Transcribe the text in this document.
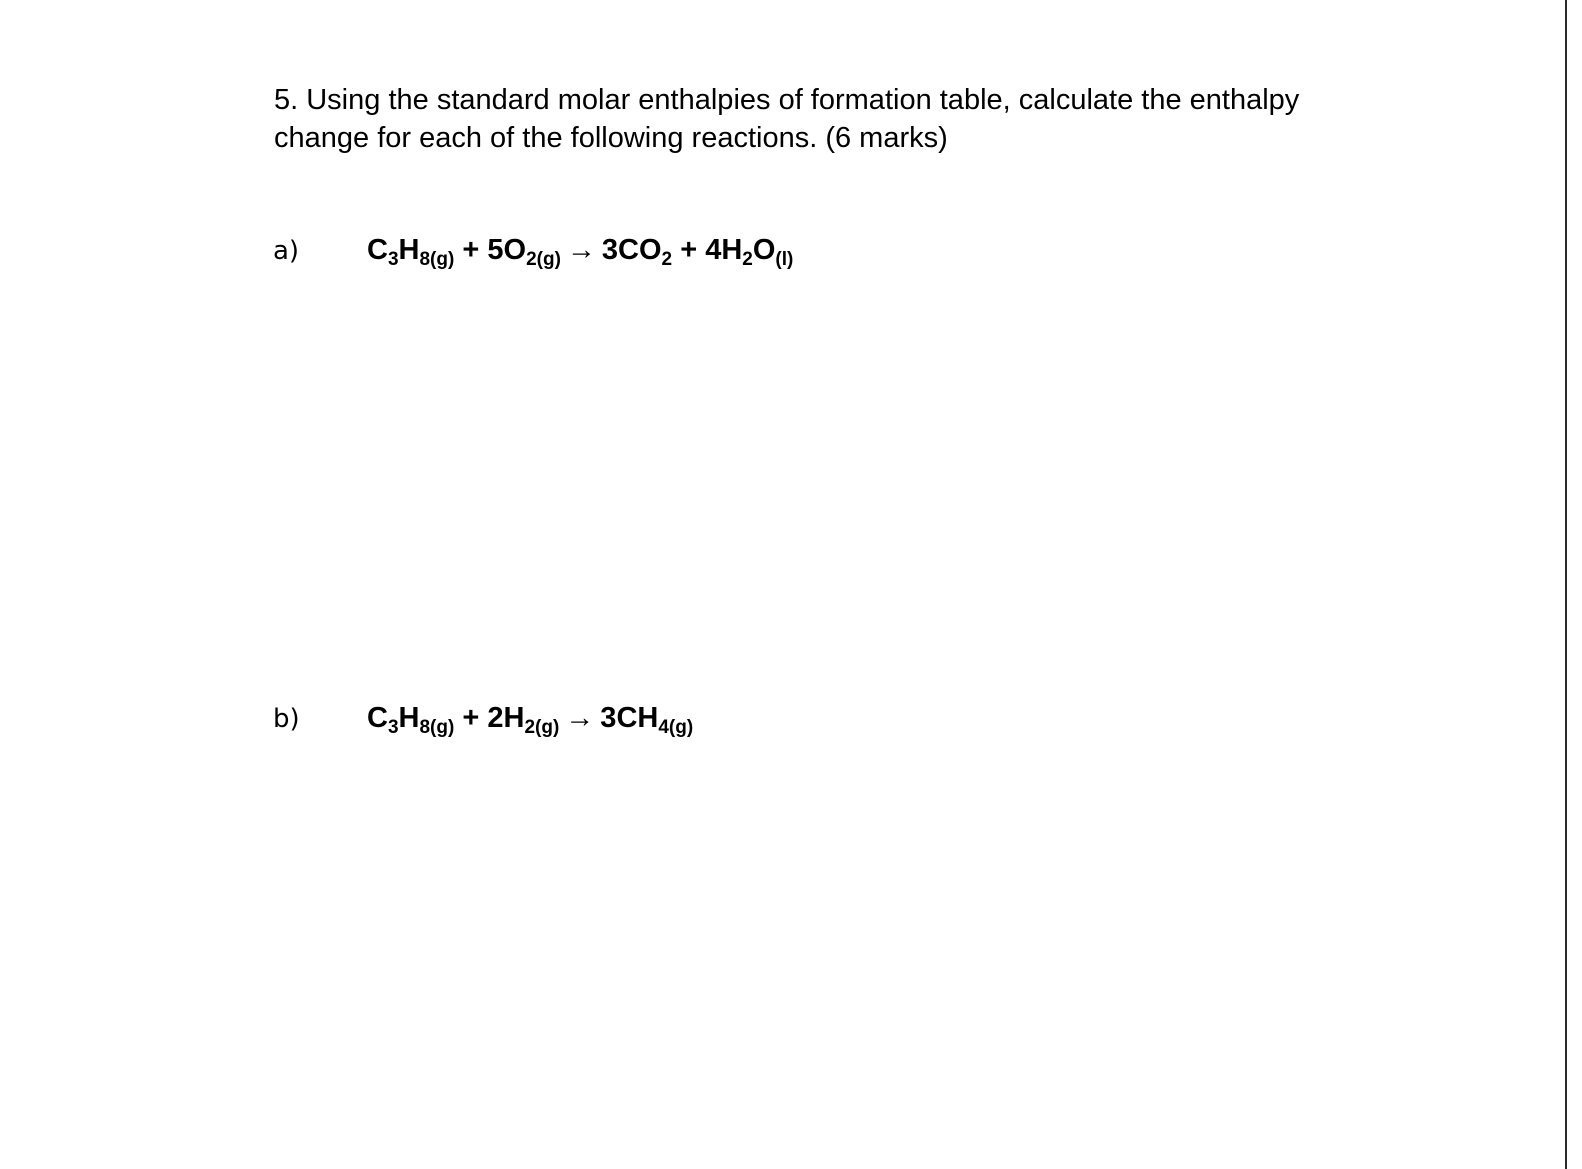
5. Using the standard molar enthalpies of formation table, calculate the enthalpy
change for each of the following reactions. (6 marks)
a)	$C_3H_{8(g)} + 5O_{2(g)} \to 3CO_2 + 4H_2O_{(l)}$
b)	$C_3H_{8(g)} + 2H_{2(g)} \to 3CH_{4(g)}$
